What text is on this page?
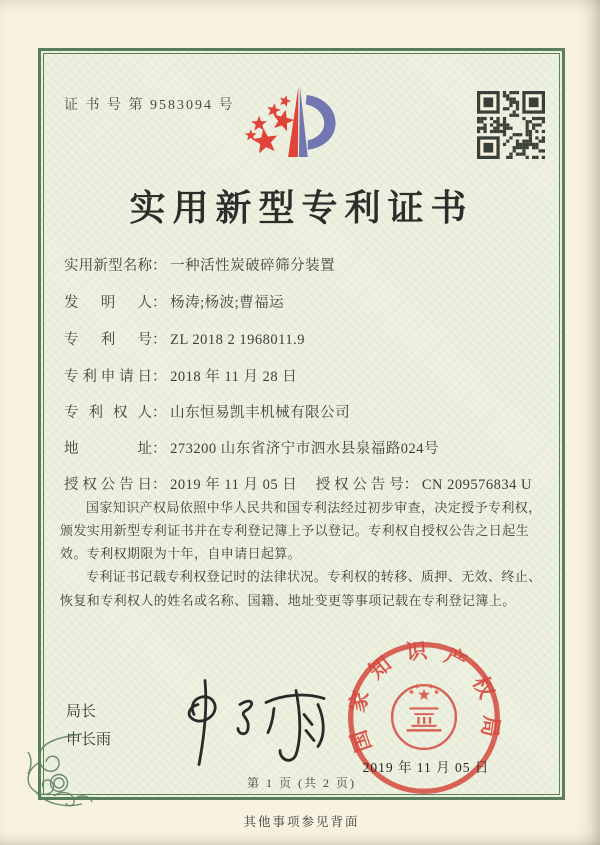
证 书 号 第 9583094 号
实用新型专利证书
实用新型名称： 一种活性炭破碎筛分装置
发明人： 杨涛;杨波;曹福运
专利号： ZL 2018 2 1968011.9
专利申请日： 2018 年 11 月 28 日
专利权人： 山东恒易凯丰机械有限公司
地址： 273200 山东省济宁市泗水县泉福路024号
授权公告日： 2019 年 11 月 05 日 授权公告号： CN 209576834 U

国家知识产权局依照中华人民共和国专利法经过初步审查，决定授予专利权，颁发实用新型专利证书并在专利登记簿上予以登记。专利权自授权公告之日起生效。专利权期限为十年，自申请日起算。

专利证书记载专利权登记时的法律状况。专利权的转移、质押、无效、终止、恢复和专利权人的姓名或名称、国籍、地址变更等事项记载在专利登记簿上。

局长
申长雨	国家知识产权局
2019 年 11 月 05 日
第 1 页 (共 2 页)
其他事项参见背面
